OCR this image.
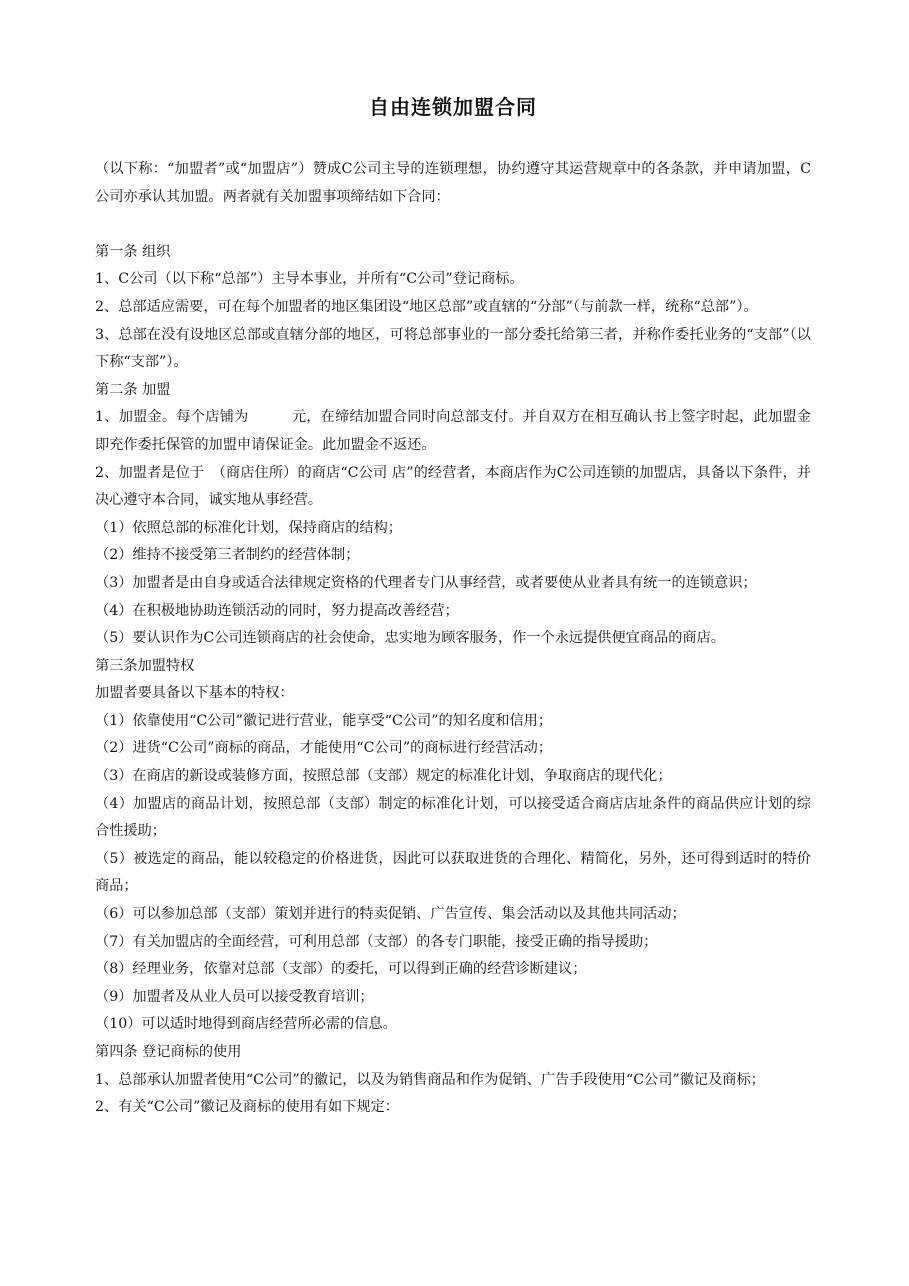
自由连锁加盟合同

（以下称：“加盟者”或“加盟店”）赞成C公司主导的连锁理想，协约遵守其运营规章中的各条款，并申请加盟，C公司亦承认其加盟。两者就有关加盟事项缔结如下合同：

第一条 组织

1、C公司（以下称“总部”）主导本事业，并所有“C公司”登记商标。

2、总部适应需要，可在每个加盟者的地区集团设“地区总部”或直辖的“分部”（与前款一样，统称“总部”）。

3、总部在没有设地区总部或直辖分部的地区，可将总部事业的一部分委托给第三者，并称作委托业务的“支部”（以下称“支部”）。

第二条 加盟

1、加盟金。每个店铺为　　　元，在缔结加盟合同时向总部支付。并自双方在相互确认书上签字时起，此加盟金即充作委托保管的加盟申请保证金。此加盟金不返还。

2、加盟者是位于　（商店住所）的商店“C公司 店”的经营者，本商店作为C公司连锁的加盟店，具备以下条件，并决心遵守本合同，诚实地从事经营。

（1）依照总部的标准化计划，保持商店的结构；

（2）维持不接受第三者制约的经营体制；

（3）加盟者是由自身或适合法律规定资格的代理者专门从事经营，或者要使从业者具有统一的连锁意识；

（4）在积极地协助连锁活动的同时，努力提高改善经营；

（5）要认识作为C公司连锁商店的社会使命，忠实地为顾客服务，作一个永远提供便宜商品的商店。

第三条加盟特权

加盟者要具备以下基本的特权：

（1）依靠使用“C公司”徽记进行营业，能享受“C公司”的知名度和信用；

（2）进货“C公司”商标的商品，才能使用“C公司”的商标进行经营活动；

（3）在商店的新设或装修方面，按照总部（支部）规定的标准化计划，争取商店的现代化；

（4）加盟店的商品计划，按照总部（支部）制定的标准化计划，可以接受适合商店店址条件的商品供应计划的综合性援助；

（5）被选定的商品，能以较稳定的价格进货，因此可以获取进货的合理化、精简化，另外，还可得到适时的特价商品；

（6）可以参加总部（支部）策划并进行的特卖促销、广告宣传、集会活动以及其他共同活动；

（7）有关加盟店的全面经营，可利用总部（支部）的各专门职能，接受正确的指导援助；

（8）经理业务，依靠对总部（支部）的委托，可以得到正确的经营诊断建议；

（9）加盟者及从业人员可以接受教育培训；

（10）可以适时地得到商店经营所必需的信息。

第四条 登记商标的使用

1、总部承认加盟者使用“C公司”的徽记，以及为销售商品和作为促销、广告手段使用“C公司”徽记及商标；

2、有关“C公司”徽记及商标的使用有如下规定：
